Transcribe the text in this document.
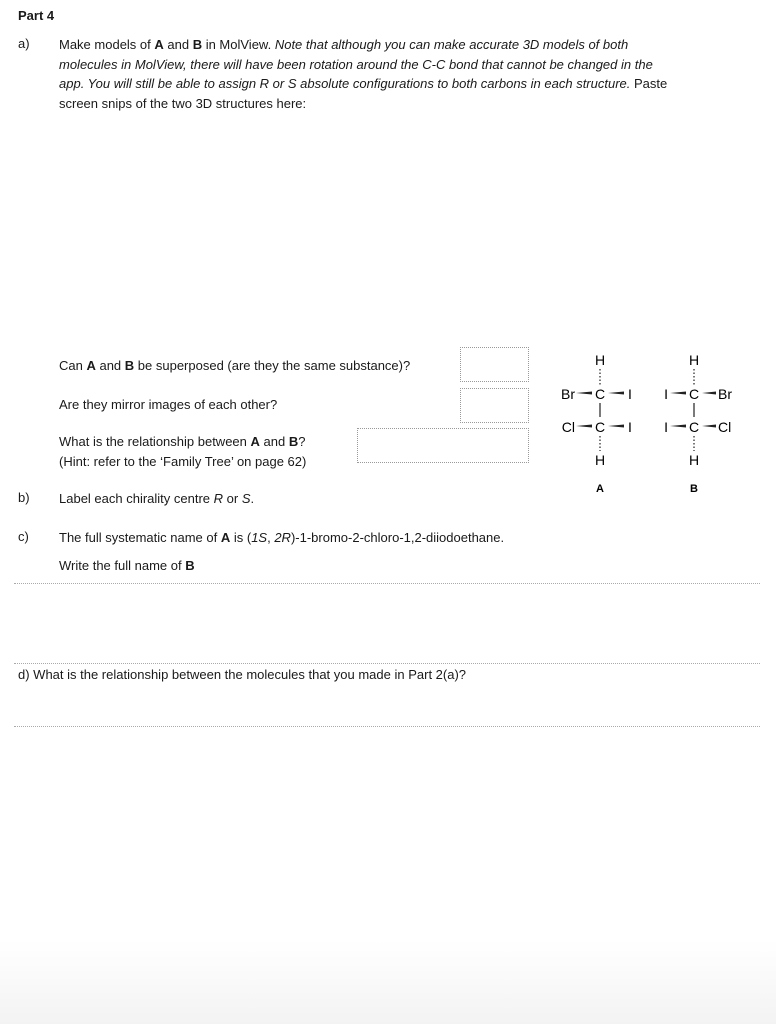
Part 4
a) Make models of A and B in MolView. Note that although you can make accurate 3D models of both molecules in MolView, there will have been rotation around the C-C bond that cannot be changed in the app. You will still be able to assign R or S absolute configurations to both carbons in each structure. Paste screen snips of the two 3D structures here:
Can A and B be superposed (are they the same substance)?
Are they mirror images of each other?
What is the relationship between A and B?
(Hint: refer to the ‘Family Tree’ on page 62)
H
C
Br	I
C
Cl	I
H
A
H
C
I	Br
C
I	Cl
H
B
b) Label each chirality centre R or S.
c) The full systematic name of A is (1S, 2R)-1-bromo-2-chloro-1,2-diiodoethane.
Write the full name of B
d) What is the relationship between the molecules that you made in Part 2(a)?
